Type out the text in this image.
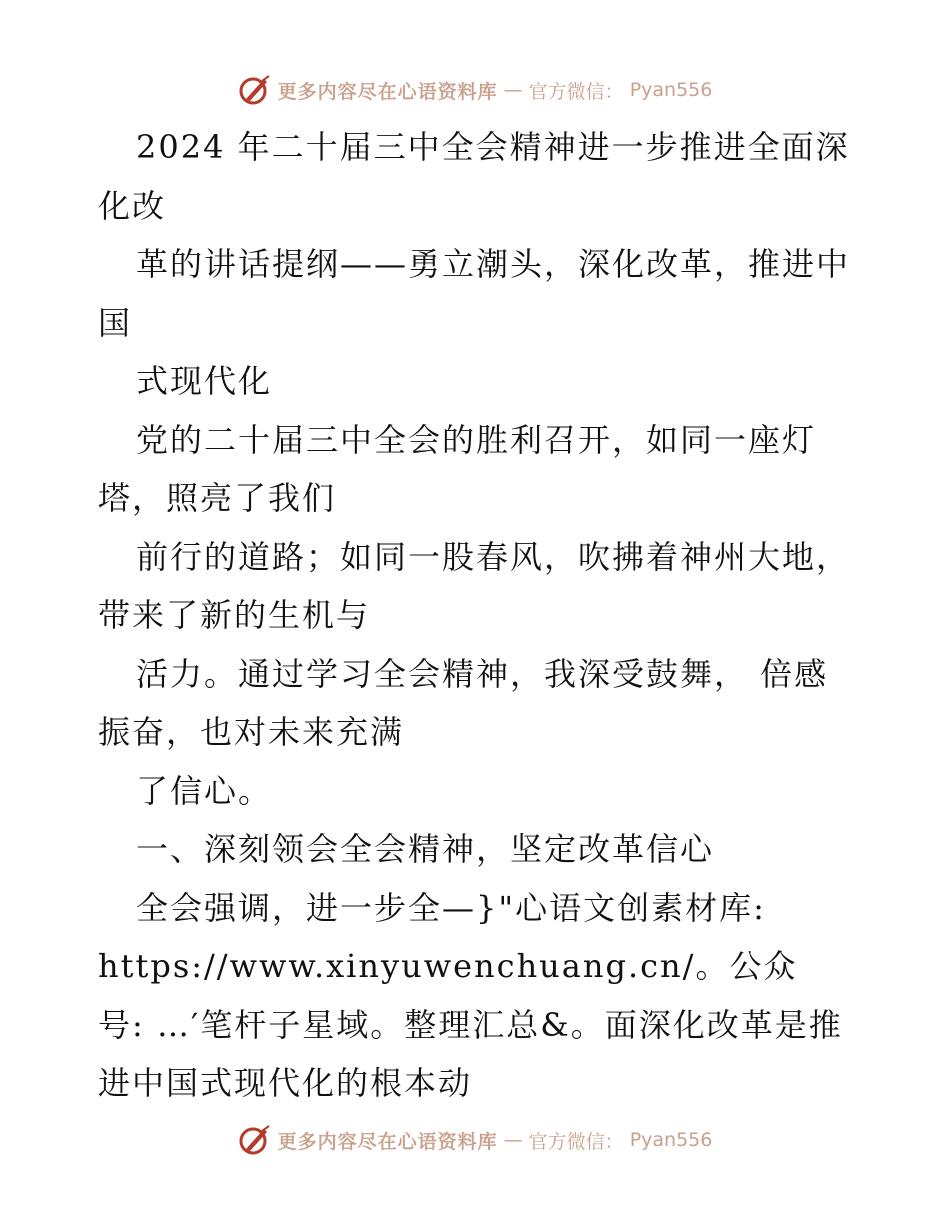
更多内容尽在心语资料库 — 官方微信： Pyan556
2024 年二十届三中全会精神进一步推进全面深
化改
革的讲话提纲——勇立潮头，深化改革，推进中
国
式现代化
党的二十届三中全会的胜利召开，如同一座灯
塔，照亮了我们
前行的道路；如同一股春风，吹拂着神州大地，
带来了新的生机与
活力。通过学习全会精神，我深受鼓舞， 倍感
振奋，也对未来充满
了信心。
一、深刻领会全会精神，坚定改革信心
全会强调，进一步全—}"心语文创素材库:
https://www.xinyuwenchuang.cn/。公众
号: …′笔杆子星域。整理汇总&。面深化改革是推
进中国式现代化的根本动
更多内容尽在心语资料库 — 官方微信： Pyan556
